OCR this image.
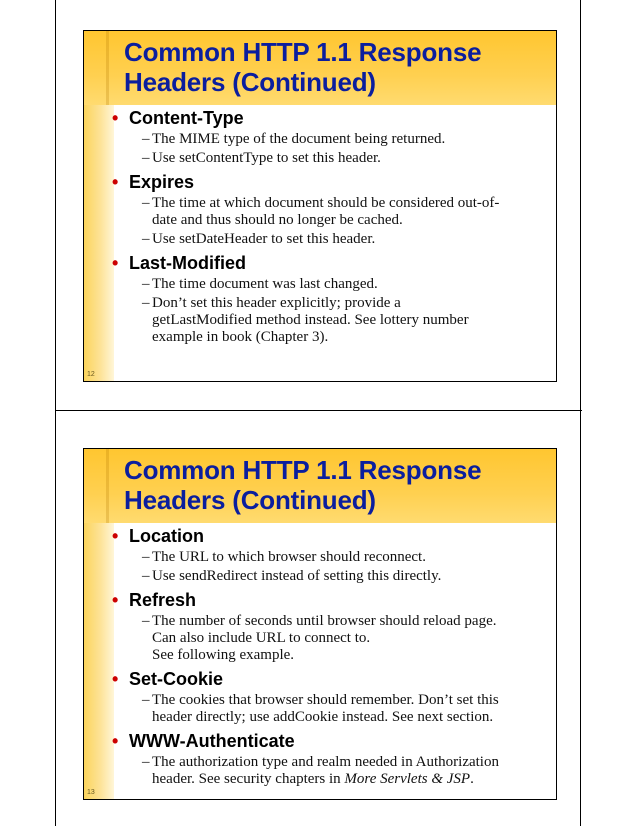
Common HTTP 1.1 Response
Headers (Continued)

• Content-Type

– The MIME type of the document being returned.
– Use setContentType to set this header.

• Expires

– The time at which document should be considered out-of-
date and thus should no longer be cached.
– Use setDateHeader to set this header.

• Last-Modified

– The time document was last changed.
– Don’t set this header explicitly; provide a
getLastModified method instead. See lottery number
example in book (Chapter 3).
12
Common HTTP 1.1 Response
Headers (Continued)

• Location

– The URL to which browser should reconnect.
– Use sendRedirect instead of setting this directly.

• Refresh

– The number of seconds until browser should reload page.
Can also include URL to connect to.
See following example.

• Set-Cookie

– The cookies that browser should remember. Don’t set this
header directly; use addCookie instead. See next section.

• WWW-Authenticate

– The authorization type and realm needed in Authorization
header. See security chapters in More Servlets & JSP.
13
